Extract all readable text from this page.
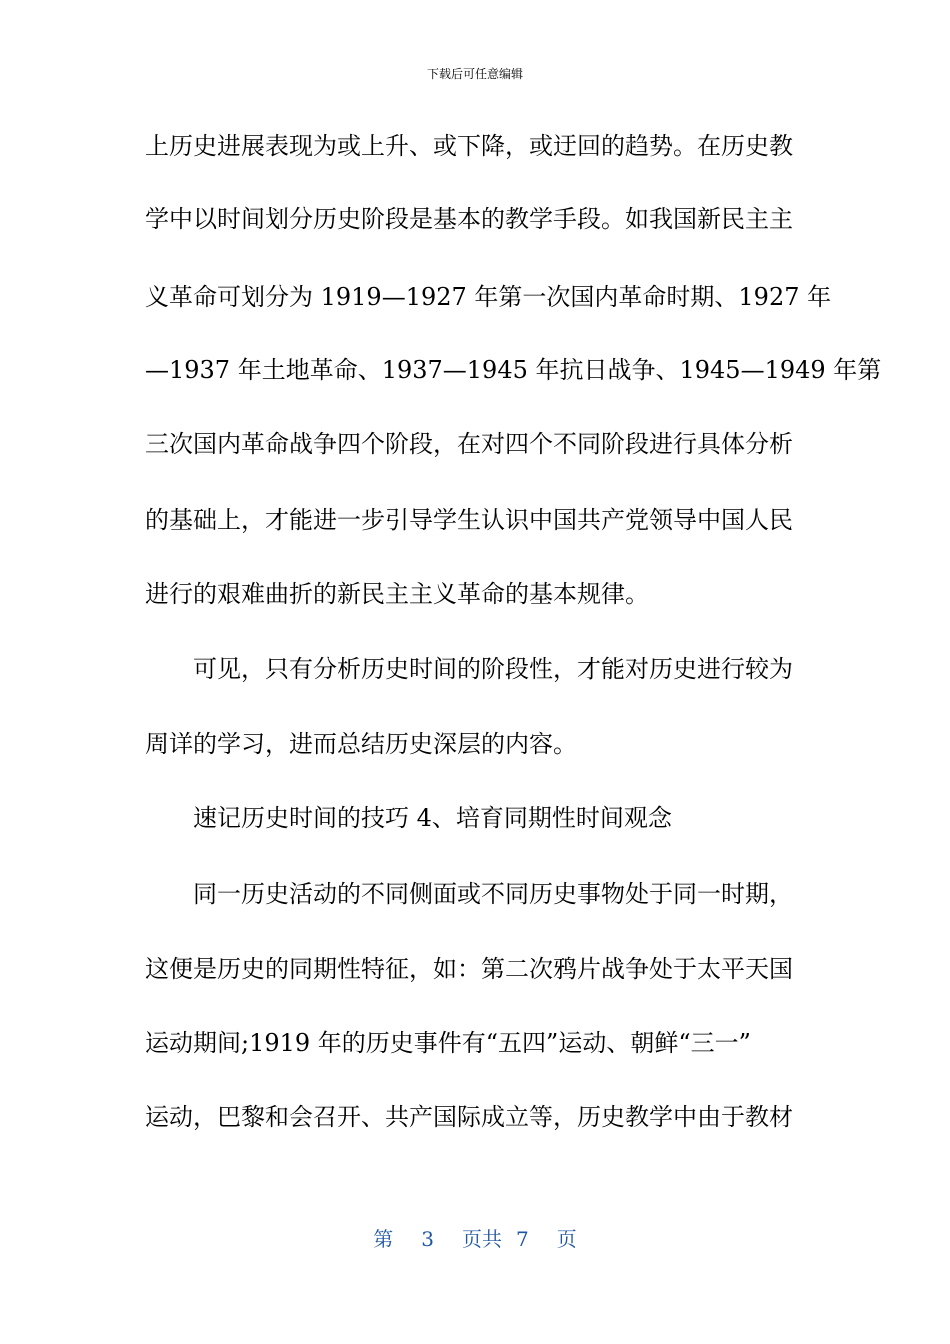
下载后可任意编辑
上历史进展表现为或上升、或下降，或迂回的趋势。在历史教
学中以时间划分历史阶段是基本的教学手段。如我国新民主主
义革命可划分为 1919—1927 年第一次国内革命时期、1927 年
—1937 年土地革命、1937—1945 年抗日战争、1945—1949 年第
三次国内革命战争四个阶段，在对四个不同阶段进行具体分析
的基础上，才能进一步引导学生认识中国共产党领导中国人民
进行的艰难曲折的新民主主义革命的基本规律。
可见，只有分析历史时间的阶段性，才能对历史进行较为
周详的学习，进而总结历史深层的内容。
速记历史时间的技巧 4、培育同期性时间观念
同一历史活动的不同侧面或不同历史事物处于同一时期，
这便是历史的同期性特征，如：第二次鸦片战争处于太平天国
运动期间;1919 年的历史事件有“五四”运动、朝鲜“三一”
运动，巴黎和会召开、共产国际成立等，历史教学中由于教材
第 3 页共 7 页
